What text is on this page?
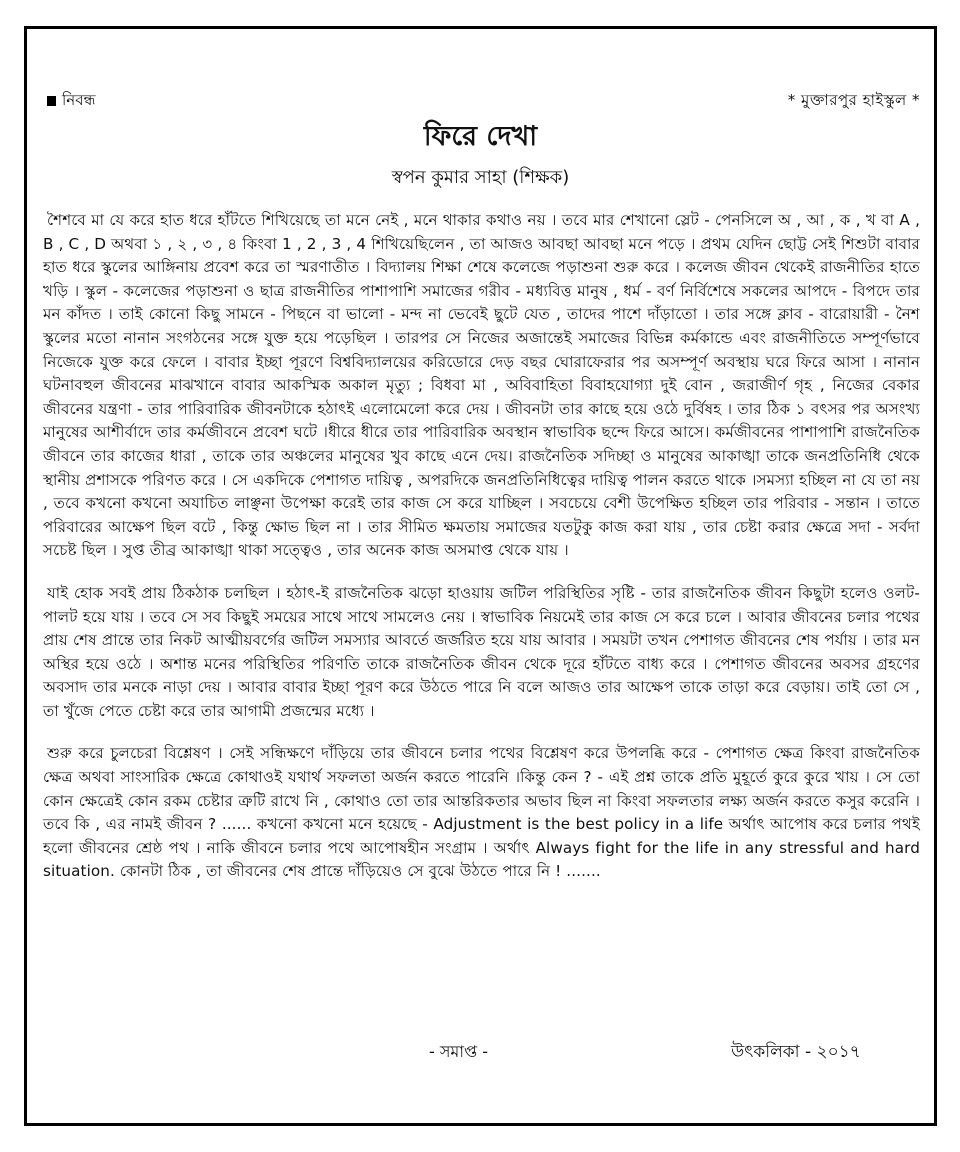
নিবন্ধ	* মুক্তারপুর হাইস্কুল *
ফিরে দেখা
স্বপন কুমার সাহা (শিক্ষক)

শৈশবে মা যে করে হাত ধরে হাঁটতে শিখিয়েছে তা মনে নেই , মনে থাকার কথাও নয় । তবে মার শেখানো স্লেট - পেনসিলে অ , আ , ক , খ বা A , B , C , D অথবা ১ , ২ , ৩ , ৪ কিংবা 1 , 2 , 3 , 4 শিখিয়েছিলেন , তা আজও আবছা আবছা মনে পড়ে । প্রথম যেদিন ছোট্ট সেই শিশুটা বাবার হাত ধরে স্কুলের আঙ্গিনায় প্রবেশ করে তা স্মরণাতীত । বিদ্যালয় শিক্ষা শেষে কলেজে পড়াশুনা শুরু করে । কলেজ জীবন থেকেই রাজনীতির হাতে খড়ি । স্কুল - কলেজের পড়াশুনা ও ছাত্র রাজনীতির পাশাপাশি সমাজের গরীব - মধ্যবিত্ত মানুষ , ধর্ম - বর্ণ নির্বিশেষে সকলের আপদে - বিপদে তার মন কাঁদত । তাই কোনো কিছু সামনে - পিছনে বা ভালো - মন্দ না ভেবেই ছুটে যেত , তাদের পাশে দাঁড়াতো । তার সঙ্গে ক্লাব - বারোয়ারী - নৈশ স্কুলের মতো নানান সংগঠনের সঙ্গে যুক্ত হয়ে পড়েছিল । তারপর সে নিজের অজান্তেই সমাজের বিভিন্ন কর্মকান্ডে এবং রাজনীতিতে সম্পূর্ণভাবে নিজেকে যুক্ত করে ফেলে । বাবার ইচ্ছা পূরণে বিশ্ববিদ্যালয়ের করিডোরে দেড় বছর ঘোরাফেরার পর অসম্পূর্ণ অবস্থায় ঘরে ফিরে আসা । নানান ঘটনাবহুল জীবনের মাঝখানে বাবার আকস্মিক অকাল মৃত্যু ; বিধবা মা , অবিবাহিতা বিবাহযোগ্যা দুই বোন , জরাজীর্ণ গৃহ , নিজের বেকার জীবনের যন্ত্রণা - তার পারিবারিক জীবনটাকে হঠাৎই এলোমেলো করে দেয় । জীবনটা তার কাছে হয়ে ওঠে দুর্বিষহ । তার ঠিক ১ বৎসর পর অসংখ্য মানুষের আশীর্বাদে তার কর্মজীবনে প্রবেশ ঘটে ।ধীরে ধীরে তার পারিবারিক অবস্থান স্বাভাবিক ছন্দে ফিরে আসে। কর্মজীবনের পাশাপাশি রাজনৈতিক জীবনে তার কাজের ধারা , তাকে তার অঞ্চলের মানুষের খুব কাছে এনে দেয়। রাজনৈতিক সদিচ্ছা ও মানুষের আকাঙ্খা তাকে জনপ্রতিনিধি থেকে স্থানীয় প্রশাসকে পরিণত করে । সে একদিকে পেশাগত দায়িত্ব , অপরদিকে জনপ্রতিনিধিত্বের দায়িত্ব পালন করতে থাকে ।সমস্যা হচ্ছিল না যে তা নয় , তবে কখনো কখনো অযাচিত লাঞ্ছনা উপেক্ষা করেই তার কাজ সে করে যাচ্ছিল । সবচেয়ে বেশী উপেক্ষিত হচ্ছিল তার পরিবার - সন্তান । তাতে পরিবারের আক্ষেপ ছিল বটে , কিন্তু ক্ষোভ ছিল না । তার সীমিত ক্ষমতায় সমাজের যতটুকু কাজ করা যায় , তার চেষ্টা করার ক্ষেত্রে সদা - সর্বদা সচেষ্ট ছিল । সুপ্ত তীব্র আকাঙ্খা থাকা সত্ত্বেও , তার অনেক কাজ অসমাপ্ত থেকে যায় ।

যাই হোক সবই প্রায় ঠিকঠাক চলছিল । হঠাৎ-ই রাজনৈতিক ঝড়ো হাওয়ায় জটিল পরিস্থিতির সৃষ্টি - তার রাজনৈতিক জীবন কিছুটা হলেও ওলট-পালট হয়ে যায় । তবে সে সব কিছুই সময়ের সাথে সাথে সামলেও নেয় । স্বাভাবিক নিয়মেই তার কাজ সে করে চলে । আবার জীবনের চলার পথের প্রায় শেষ প্রান্তে তার নিকট আত্মীয়বর্গের জটিল সমস্যার আবর্তে জর্জরিত হয়ে যায় আবার । সময়টা তখন পেশাগত জীবনের শেষ পর্যায় । তার মন অস্থির হয়ে ওঠে । অশান্ত মনের পরিস্থিতির পরিণতি তাকে রাজনৈতিক জীবন থেকে দূরে হাঁটতে বাধ্য করে । পেশাগত জীবনের অবসর গ্রহণের অবসাদ তার মনকে নাড়া দেয় । আবার বাবার ইচ্ছা পূরণ করে উঠতে পারে নি বলে আজও তার আক্ষেপ তাকে তাড়া করে বেড়ায়। তাই তো সে , তা খুঁজে পেতে চেষ্টা করে তার আগামী প্রজন্মের মধ্যে ।

শুরু করে চুলচেরা বিশ্লেষণ । সেই সন্ধিক্ষণে দাঁড়িয়ে তার জীবনে চলার পথের বিশ্লেষণ করে উপলব্ধি করে - পেশাগত ক্ষেত্র কিংবা রাজনৈতিক ক্ষেত্র অথবা সাংসারিক ক্ষেত্রে কোথাওই যথার্থ সফলতা অর্জন করতে পারেনি ।কিন্তু কেন ? - এই প্রশ্ন তাকে প্রতি মুহূর্তে কুরে কুরে খায় । সে তো কোন ক্ষেত্রেই কোন রকম চেষ্টার ত্রুটি রাখে নি , কোথাও তো তার আন্তরিকতার অভাব ছিল না কিংবা সফলতার লক্ষ্য অর্জন করতে কসুর করেনি । তবে কি , এর নামই জীবন ? ...... কখনো কখনো মনে হয়েছে - Adjustment is the best policy in a life অর্থাৎ আপোষ করে চলার পথই হলো জীবনের শ্রেষ্ঠ পথ । নাকি জীবনে চলার পথে আপোষহীন সংগ্রাম । অর্থাৎ Always fight for the life in any stressful and hard situation. কোনটা ঠিক , তা জীবনের শেষ প্রান্তে দাঁড়িয়েও সে বুঝে উঠতে পারে নি ! .......

- সমাপ্ত -	উৎকলিকা - ২০১৭
